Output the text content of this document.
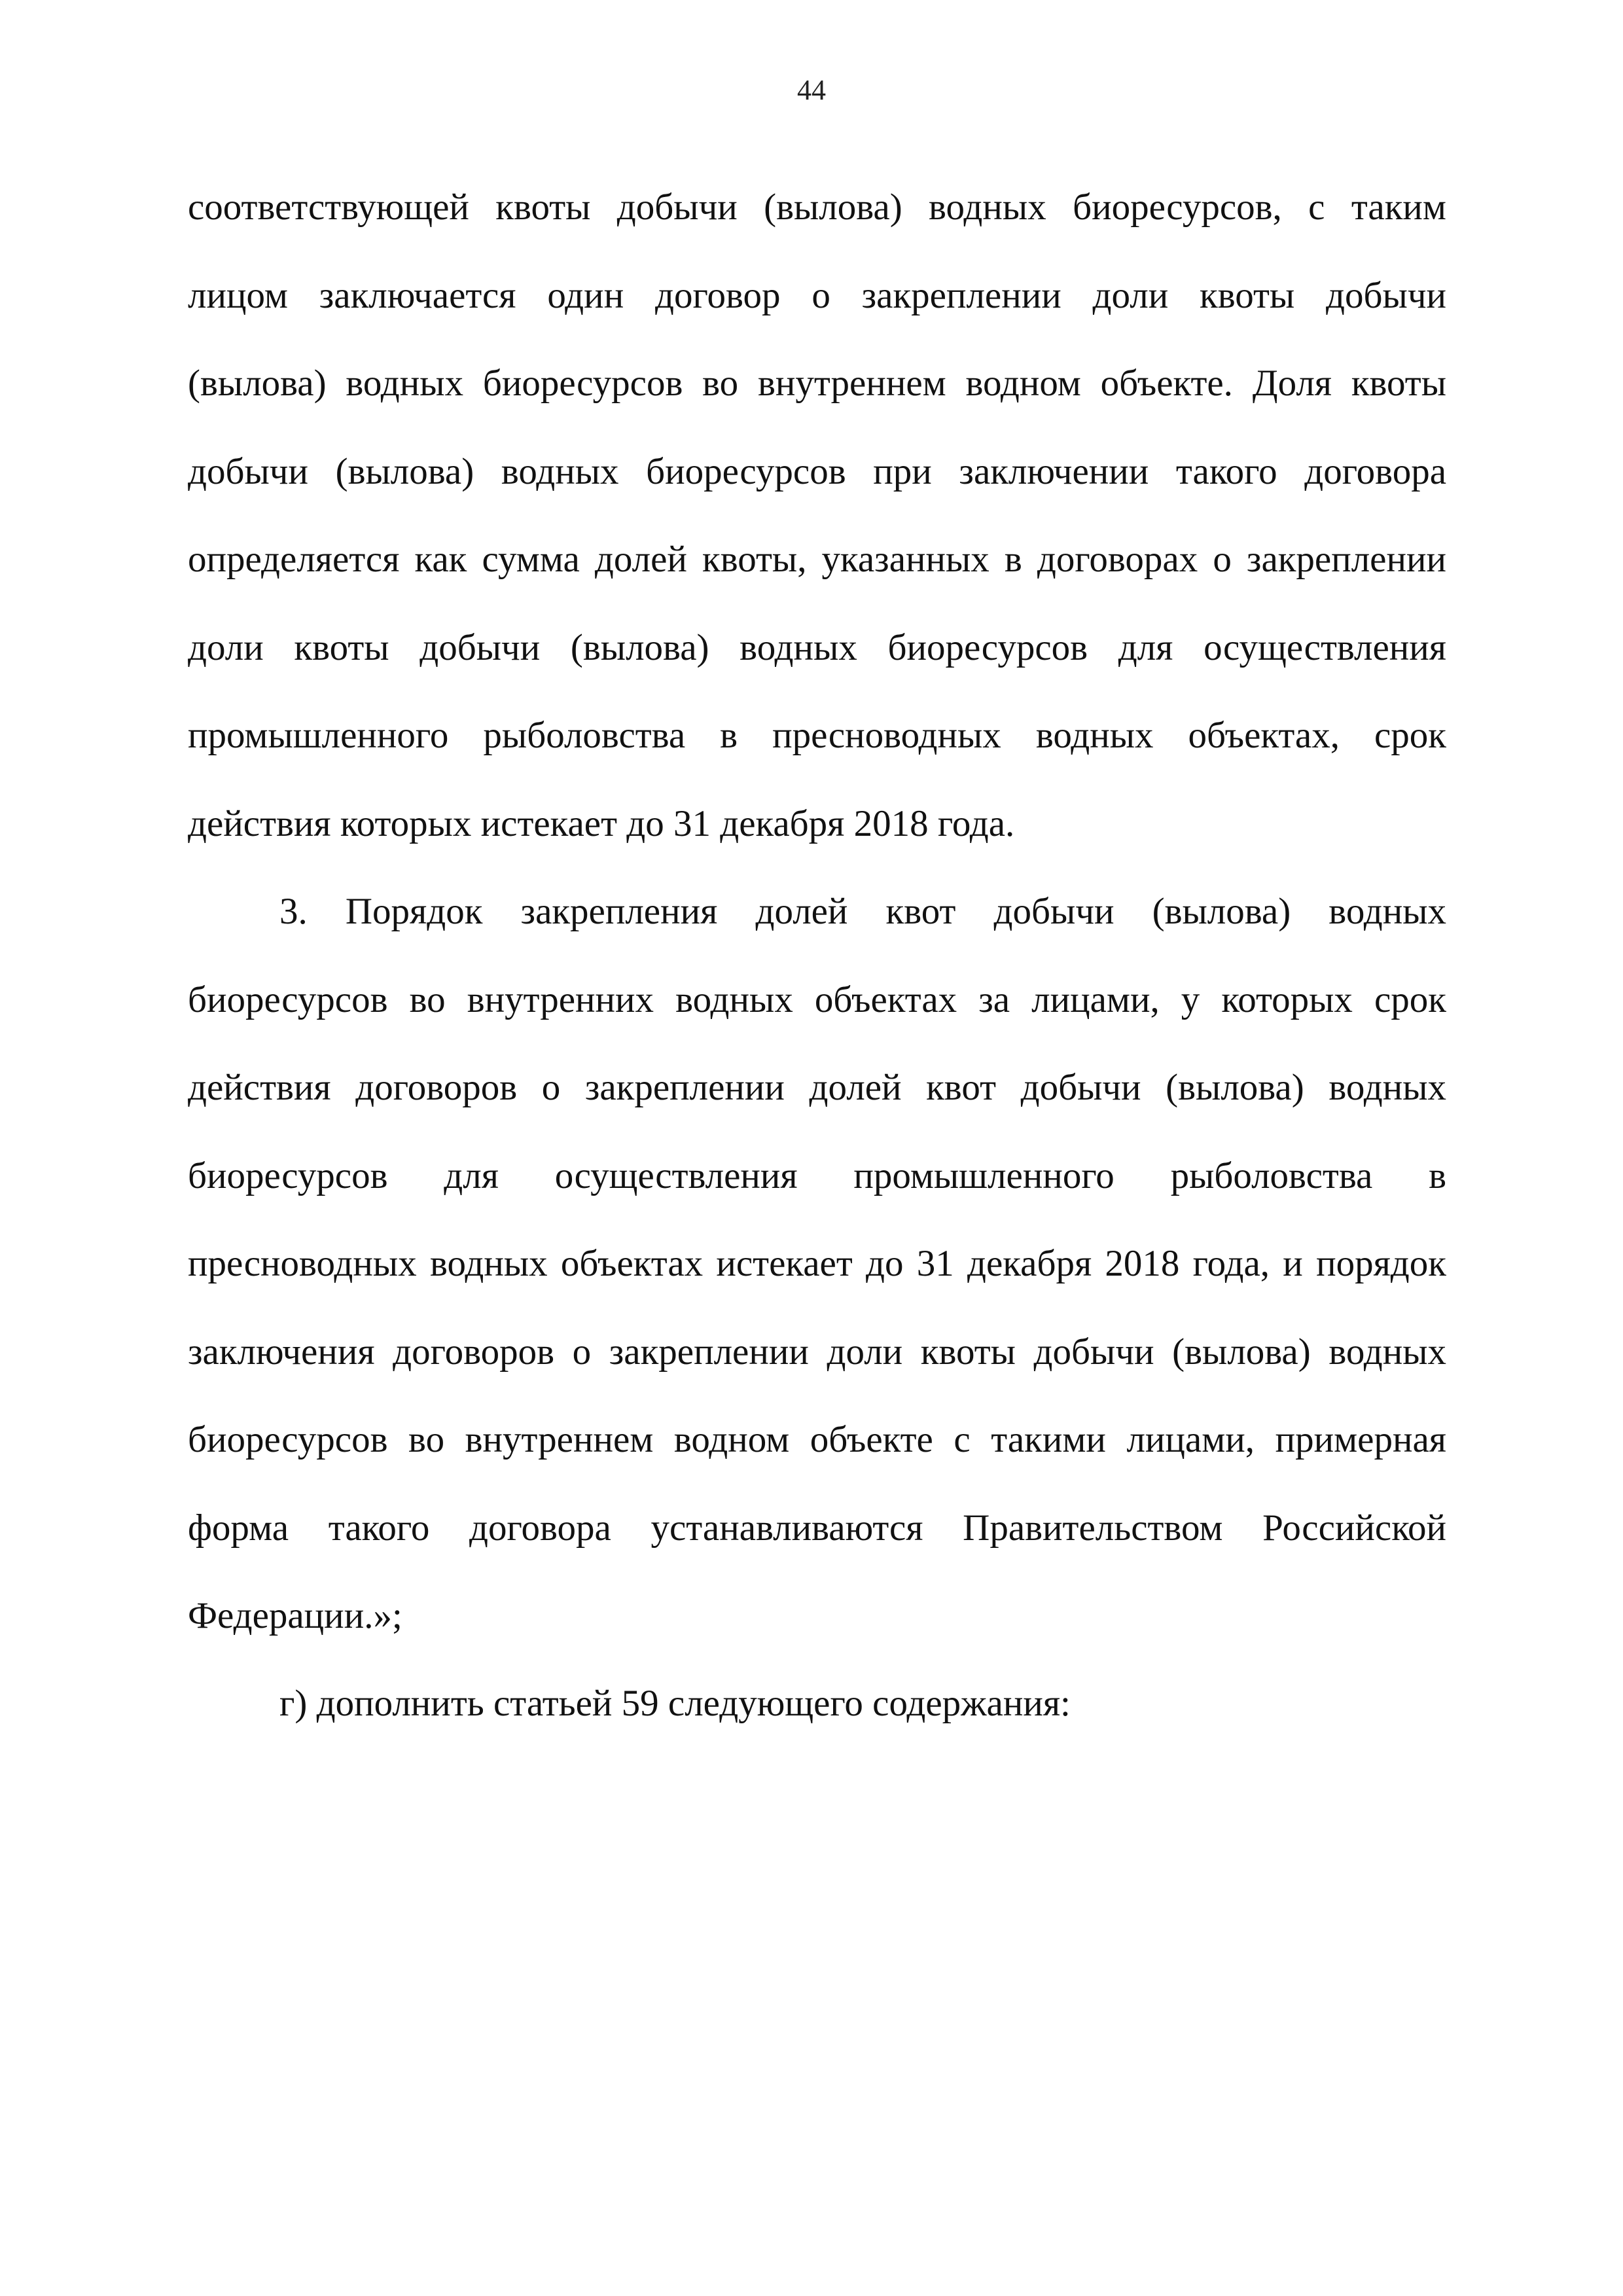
44
соответствующей квоты добычи (вылова) водных биоресурсов, с таким
лицом заключается один договор о закреплении доли квоты добычи
(вылова) водных биоресурсов во внутреннем водном объекте. Доля квоты
добычи (вылова) водных биоресурсов при заключении такого договора
определяется как сумма долей квоты, указанных в договорах о закреплении
доли квоты добычи (вылова) водных биоресурсов для осуществления
промышленного рыболовства в пресноводных водных объектах, срок
действия которых истекает до 31 декабря 2018 года.
3. Порядок закрепления долей квот добычи (вылова) водных
биоресурсов во внутренних водных объектах за лицами, у которых срок
действия договоров о закреплении долей квот добычи (вылова) водных
биоресурсов для осуществления промышленного рыболовства в
пресноводных водных объектах истекает до 31 декабря 2018 года, и порядок
заключения договоров о закреплении доли квоты добычи (вылова) водных
биоресурсов во внутреннем водном объекте с такими лицами, примерная
форма такого договора устанавливаются Правительством Российской
Федерации.»;
г) дополнить статьей 59 следующего содержания:
